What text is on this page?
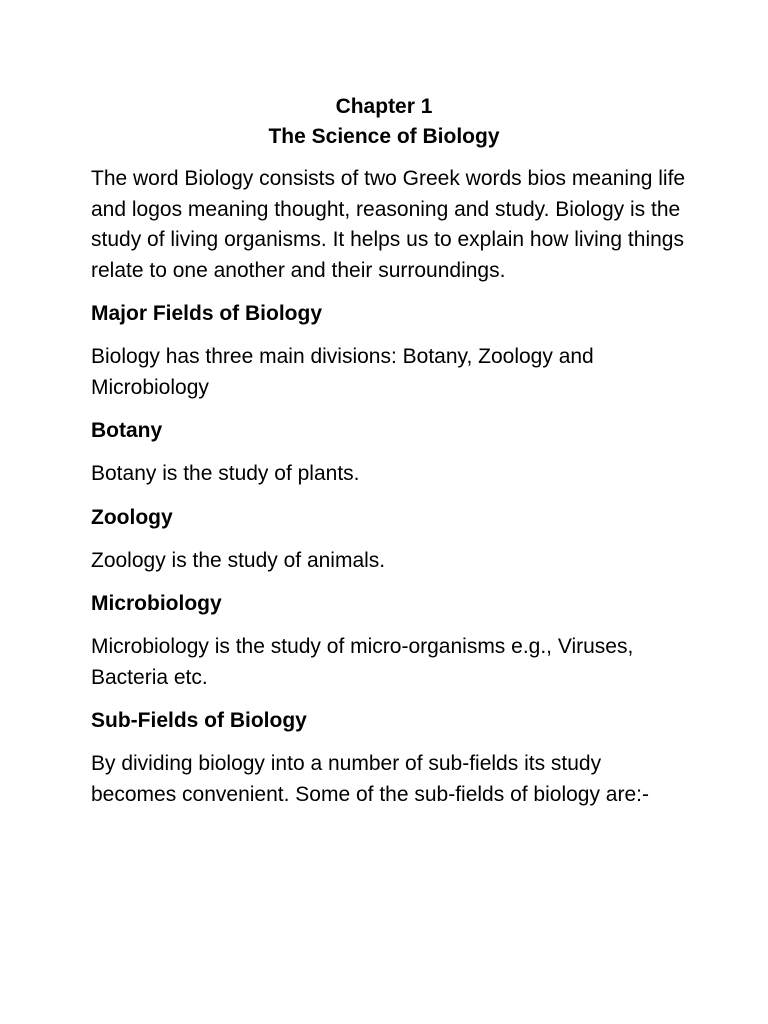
Chapter 1
The Science of Biology

The word Biology consists of two Greek words bios meaning life and logos meaning thought, reasoning and study. Biology is the study of living organisms. It helps us to explain how living things relate to one another and their surroundings.

Major Fields of Biology

Biology has three main divisions: Botany, Zoology and Microbiology

Botany

Botany is the study of plants.

Zoology

Zoology is the study of animals.

Microbiology

Microbiology is the study of micro-organisms e.g., Viruses, Bacteria etc.

Sub-Fields of Biology

By dividing biology into a number of sub-fields its study becomes convenient. Some of the sub-fields of biology are:-
